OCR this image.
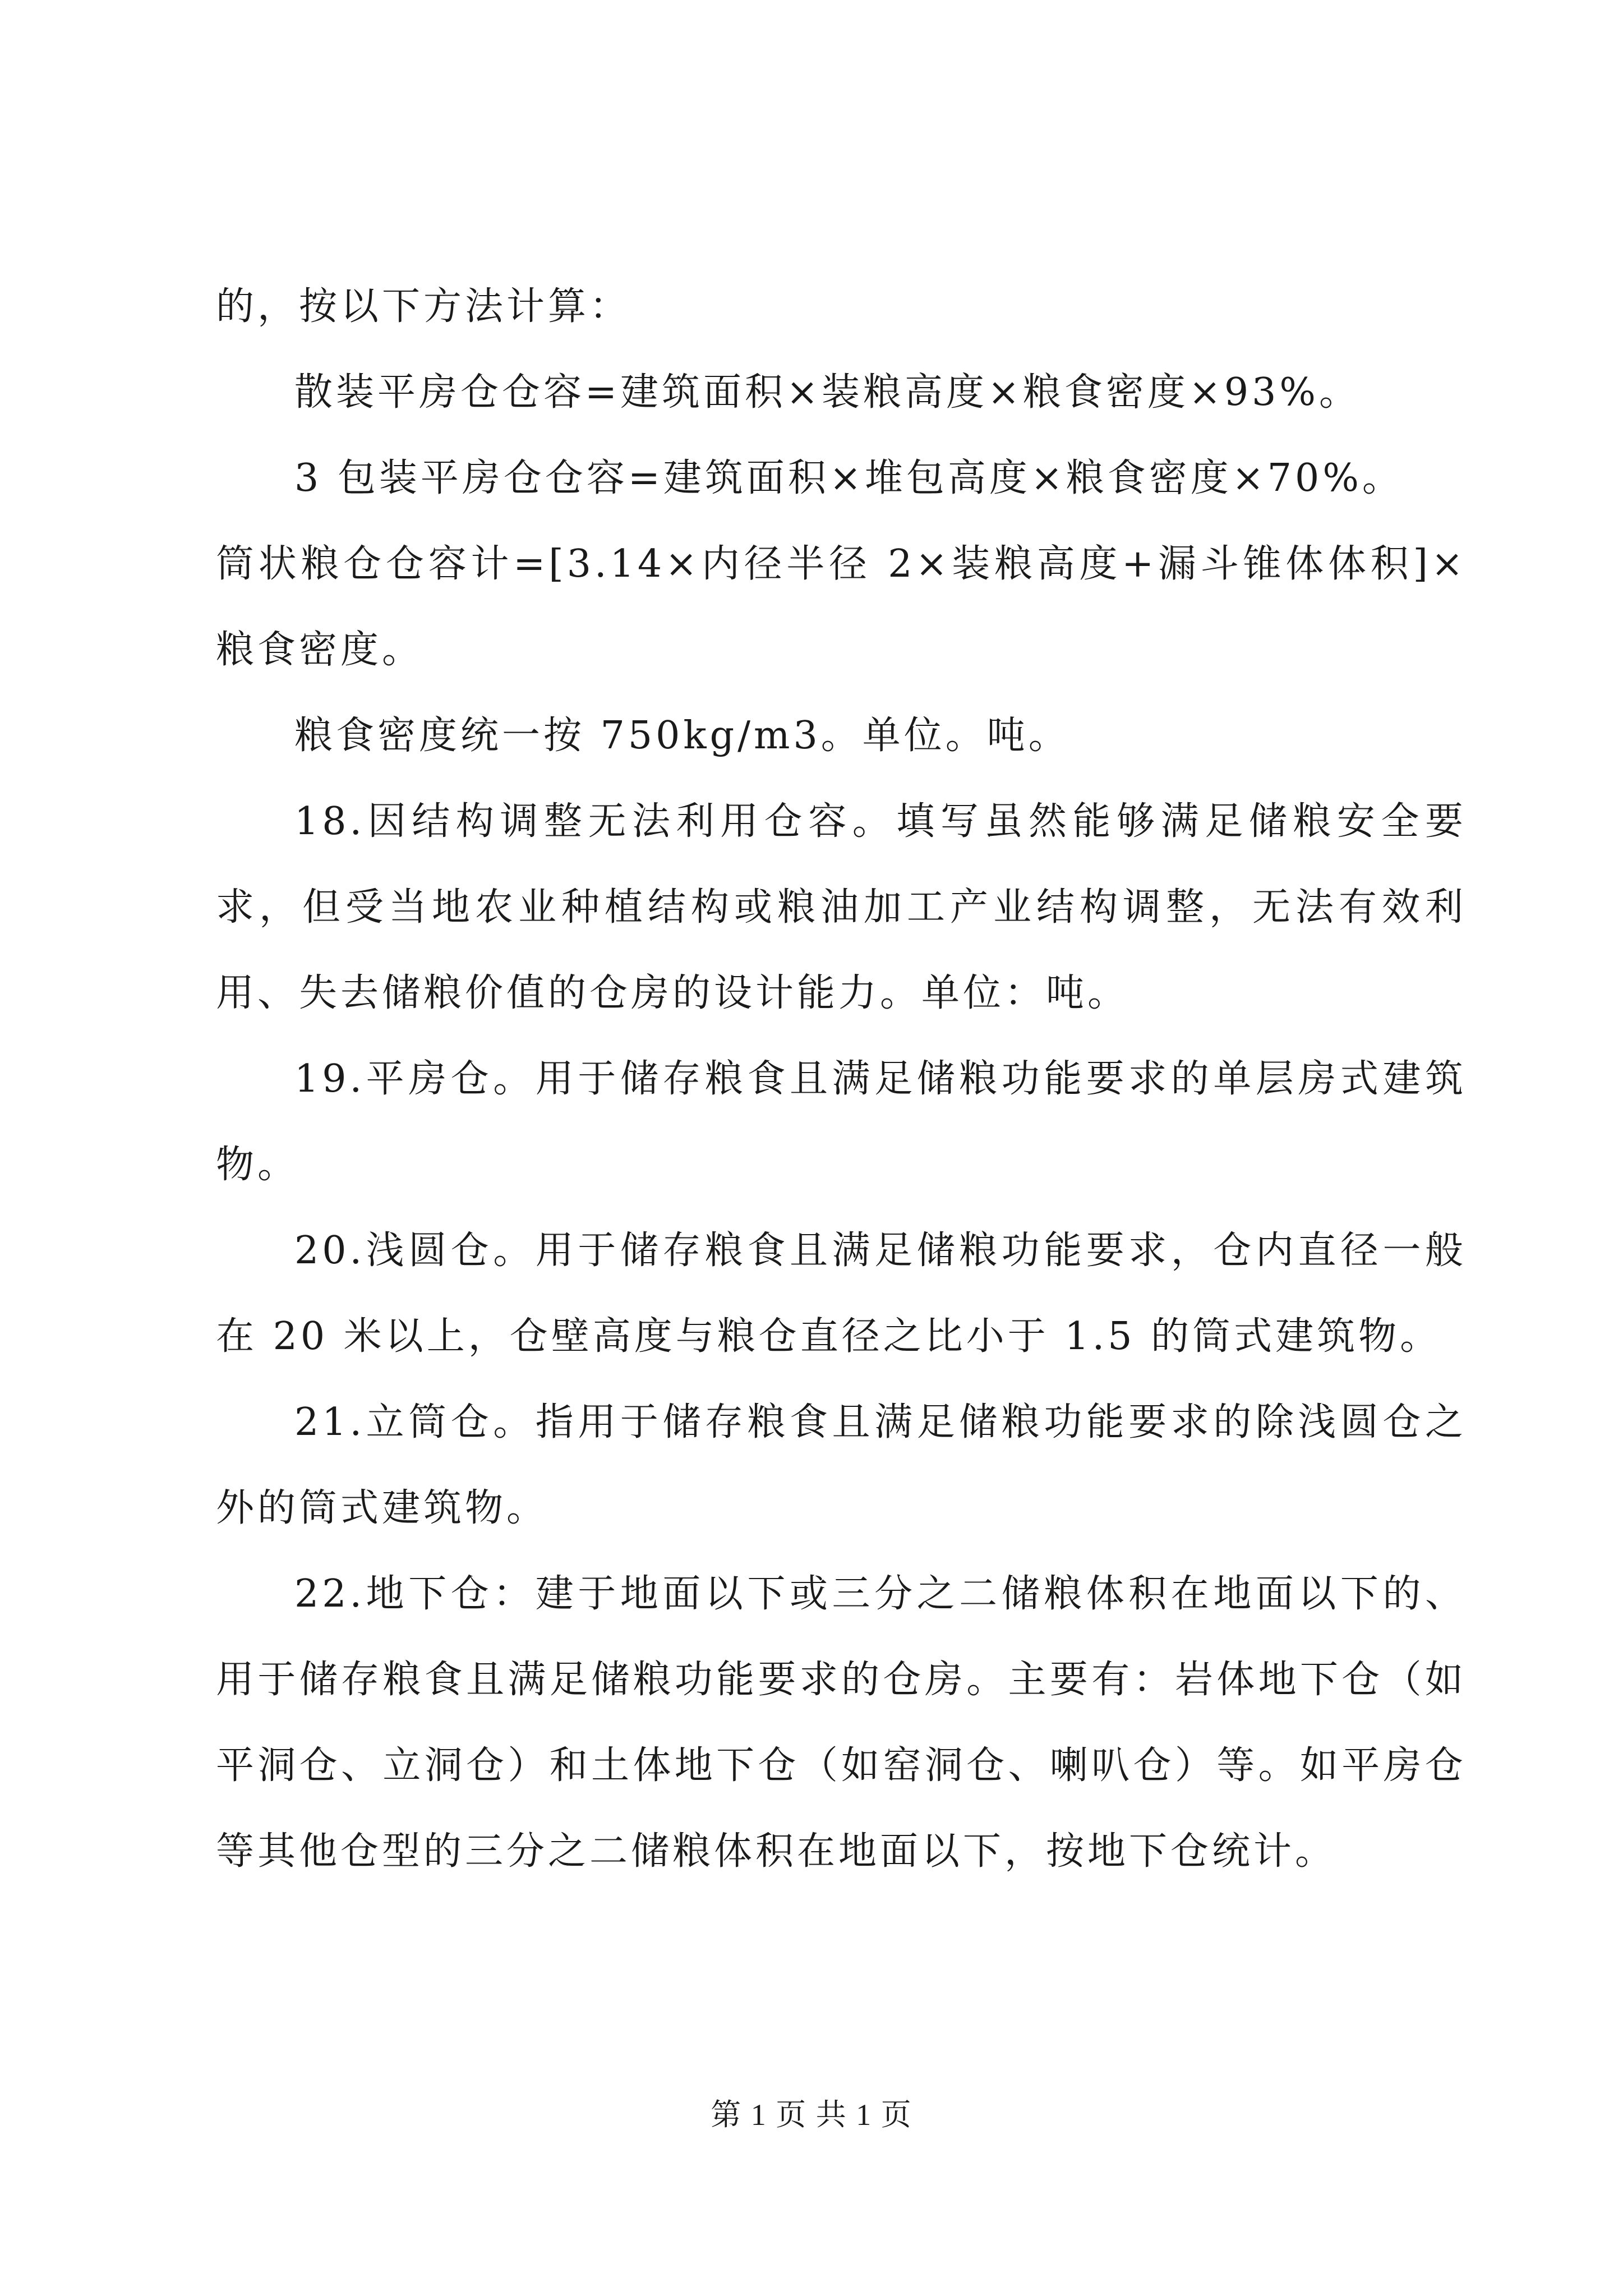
的，按以下方法计算：

散装平房仓仓容=建筑面积×装粮高度×粮食密度×93%。

3 包装平房仓仓容=建筑面积×堆包高度×粮食密度×70%。

筒状粮仓仓容计=[3.14×内径半径 2×装粮高度+漏斗锥体体积]×粮食密度。

粮食密度统一按 750kg/m3。单位。吨。

18.因结构调整无法利用仓容。填写虽然能够满足储粮安全要求，但受当地农业种植结构或粮油加工产业结构调整，无法有效利用、失去储粮价值的仓房的设计能力。单位：吨。

19.平房仓。用于储存粮食且满足储粮功能要求的单层房式建筑物。

20.浅圆仓。用于储存粮食且满足储粮功能要求，仓内直径一般在 20 米以上，仓壁高度与粮仓直径之比小于 1.5 的筒式建筑物。

21.立筒仓。指用于储存粮食且满足储粮功能要求的除浅圆仓之外的筒式建筑物。

22.地下仓：建于地面以下或三分之二储粮体积在地面以下的、用于储存粮食且满足储粮功能要求的仓房。主要有：岩体地下仓（如平洞仓、立洞仓）和土体地下仓（如窑洞仓、喇叭仓）等。如平房仓等其他仓型的三分之二储粮体积在地面以下，按地下仓统计。

第 1 页 共 1 页
